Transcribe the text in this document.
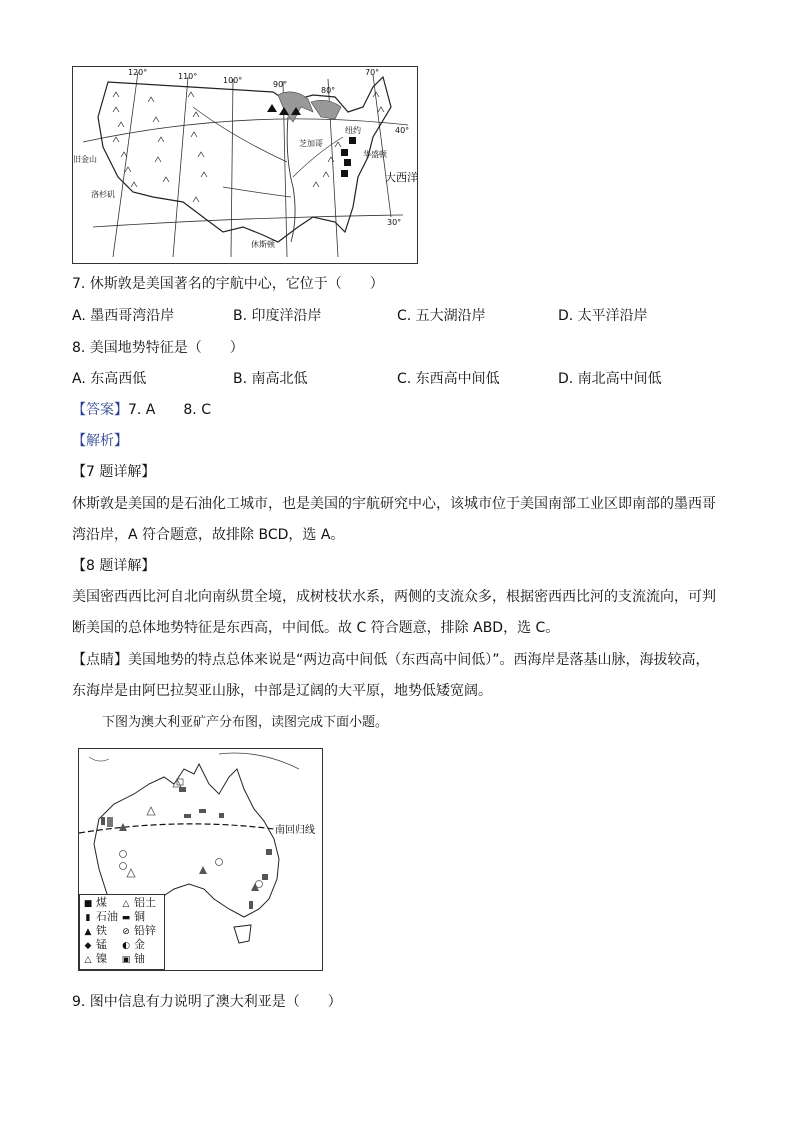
120°	110°	100°	90°
80°
70°
40°
30°
旧金山
洛杉矶
芝加哥
纽约
华盛顿
休斯顿
大西洋
7. 休斯敦是美国著名的宇航中心，它位于（　　）
A. 墨西哥湾沿岸	B. 印度洋沿岸	C. 五大湖沿岸	D. 太平洋沿岸
8. 美国地势特征是（　　）
A. 东高西低	B. 南高北低	C. 东西高中间低	D. 南北高中间低
【答案】7. A　　8. C
【解析】
【7 题详解】
休斯敦是美国的是石油化工城市，也是美国的宇航研究中心，该城市位于美国南部工业区即南部的墨西哥湾沿岸，A 符合题意，故排除 BCD，选 A。
【8 题详解】
美国密西西比河自北向南纵贯全境，成树枝状水系，两侧的支流众多，根据密西西比河的支流流向，可判断美国的总体地势特征是东西高，中间低。故 C 符合题意，排除 ABD，选 C。
【点睛】美国地势的特点总体来说是“两边高中间低（东西高中间低）”。西海岸是落基山脉，海拔较高，东海岸是由阿巴拉契亚山脉，中部是辽阔的大平原，地势低矮宽阔。
下图为澳大利亚矿产分布图，读图完成下面小题。
南回归线
■ 煤 △ 铝土
▮ 石油 ▬ 铜
▲ 铁 ⊘ 铅锌
◆ 锰 ◐ 金
△ 镍 ▣ 铀
9. 图中信息有力说明了澳大利亚是（　　）
